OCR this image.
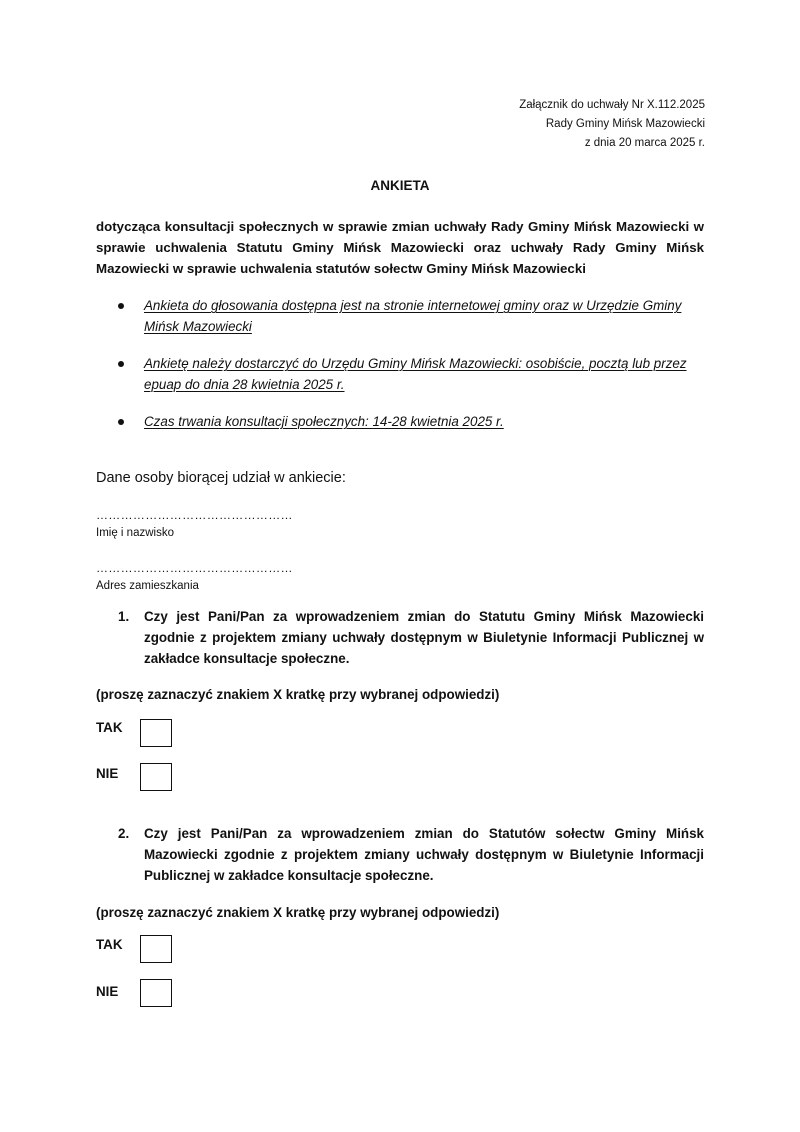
Załącznik do uchwały Nr X.112.2025
Rady Gminy Mińsk Mazowiecki
z dnia 20 marca 2025 r.
ANKIETA
dotycząca konsultacji społecznych w sprawie zmian uchwały Rady Gminy Mińsk Mazowiecki w sprawie uchwalenia Statutu Gminy Mińsk Mazowiecki oraz uchwały Rady Gminy Mińsk Mazowiecki w sprawie uchwalenia statutów sołectw Gminy Mińsk Mazowiecki
Ankieta do głosowania dostępna jest na stronie internetowej gminy oraz w Urzędzie Gminy Mińsk Mazowiecki
Ankietę należy dostarczyć do Urzędu Gminy Mińsk Mazowiecki: osobiście, pocztą lub przez epuap do dnia 28 kwietnia 2025 r.
Czas trwania konsultacji społecznych: 14-28 kwietnia 2025 r.
Dane osoby biorącej udział w ankiecie:
…………………………………………
Imię i nazwisko
…………………………………………
Adres zamieszkania
1. Czy jest Pani/Pan za wprowadzeniem zmian do Statutu Gminy Mińsk Mazowiecki zgodnie z projektem zmiany uchwały dostępnym w Biuletynie Informacji Publicznej w zakładce konsultacje społeczne.
(proszę zaznaczyć znakiem X kratkę przy wybranej odpowiedzi)
TAK
NIE
2. Czy jest Pani/Pan za wprowadzeniem zmian do Statutów sołectw Gminy Mińsk Mazowiecki zgodnie z projektem zmiany uchwały dostępnym w Biuletynie Informacji Publicznej w zakładce konsultacje społeczne.
(proszę zaznaczyć znakiem X kratkę przy wybranej odpowiedzi)
TAK
NIE
